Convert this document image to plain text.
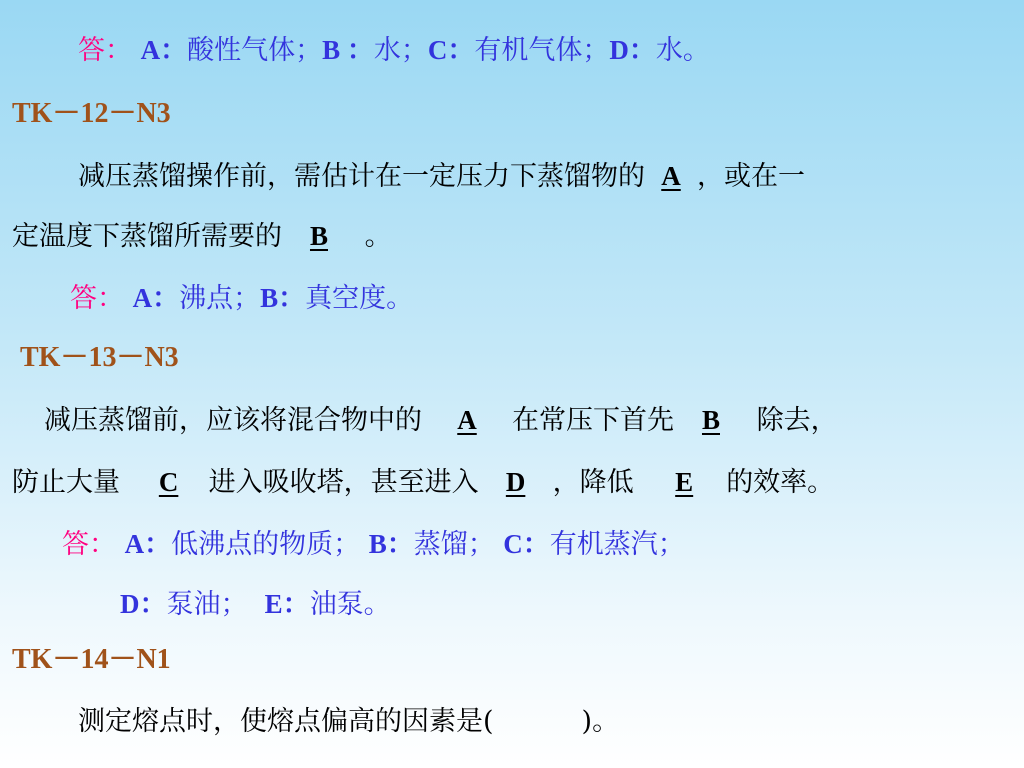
答： A：酸性气体；B ：水；C：有机气体；D：水。
TK－12－N3
减压蒸馏操作前，需估计在一定压力下蒸馏物的 A ，或在一
定温度下蒸馏所需要的 B 。
答： A：沸点；B：真空度。
TK－13－N3
减压蒸馏前，应该将混合物中的 A 在常压下首先 B 除去，
防止大量 C 进入吸收塔，甚至进入 D ，降低 E 的效率。
答： A：低沸点的物质； B：蒸馏； C：有机蒸汽；
D：泵油； E：油泵。
TK－14－N1
测定熔点时，使熔点偏高的因素是(	)。
